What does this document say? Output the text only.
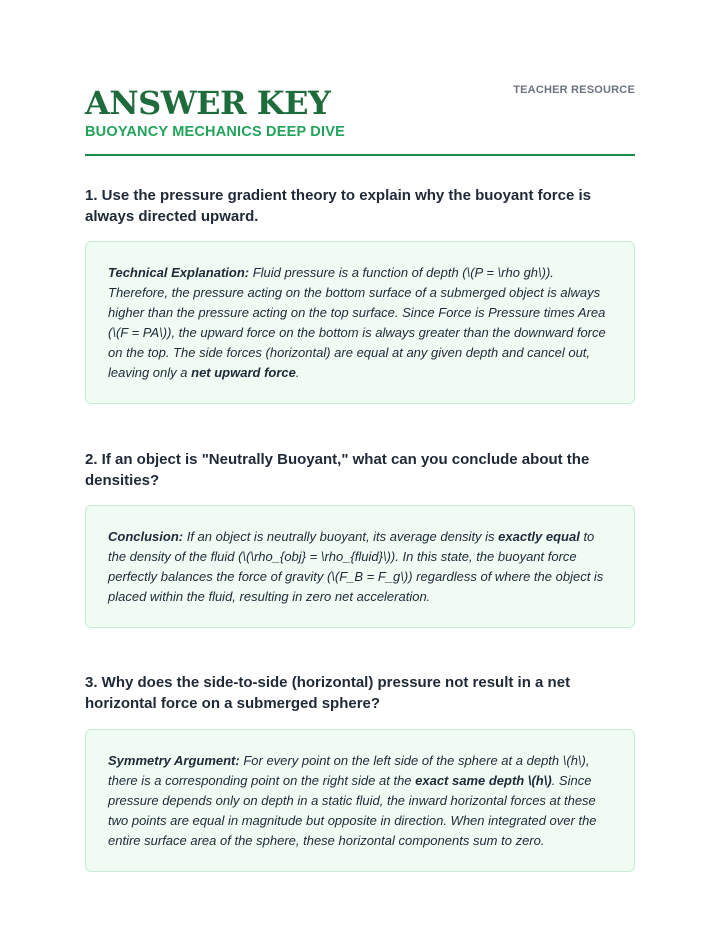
ANSWER KEY
BUOYANCY MECHANICS DEEP DIVE
TEACHER RESOURCE

1. Use the pressure gradient theory to explain why the buoyant force is always directed upward.

Technical Explanation: Fluid pressure is a function of depth (\(P = \rho gh\)). Therefore, the pressure acting on the bottom surface of a submerged object is always higher than the pressure acting on the top surface. Since Force is Pressure times Area (\(F = PA\)), the upward force on the bottom is always greater than the downward force on the top. The side forces (horizontal) are equal at any given depth and cancel out, leaving only a net upward force.

2. If an object is "Neutrally Buoyant," what can you conclude about the densities?

Conclusion: If an object is neutrally buoyant, its average density is exactly equal to the density of the fluid (\(\rho_{obj} = \rho_{fluid}\)). In this state, the buoyant force perfectly balances the force of gravity (\(F_B = F_g\)) regardless of where the object is placed within the fluid, resulting in zero net acceleration.

3. Why does the side-to-side (horizontal) pressure not result in a net horizontal force on a submerged sphere?

Symmetry Argument: For every point on the left side of the sphere at a depth \(h\), there is a corresponding point on the right side at the exact same depth \(h\). Since pressure depends only on depth in a static fluid, the inward horizontal forces at these two points are equal in magnitude but opposite in direction. When integrated over the entire surface area of the sphere, these horizontal components sum to zero.
